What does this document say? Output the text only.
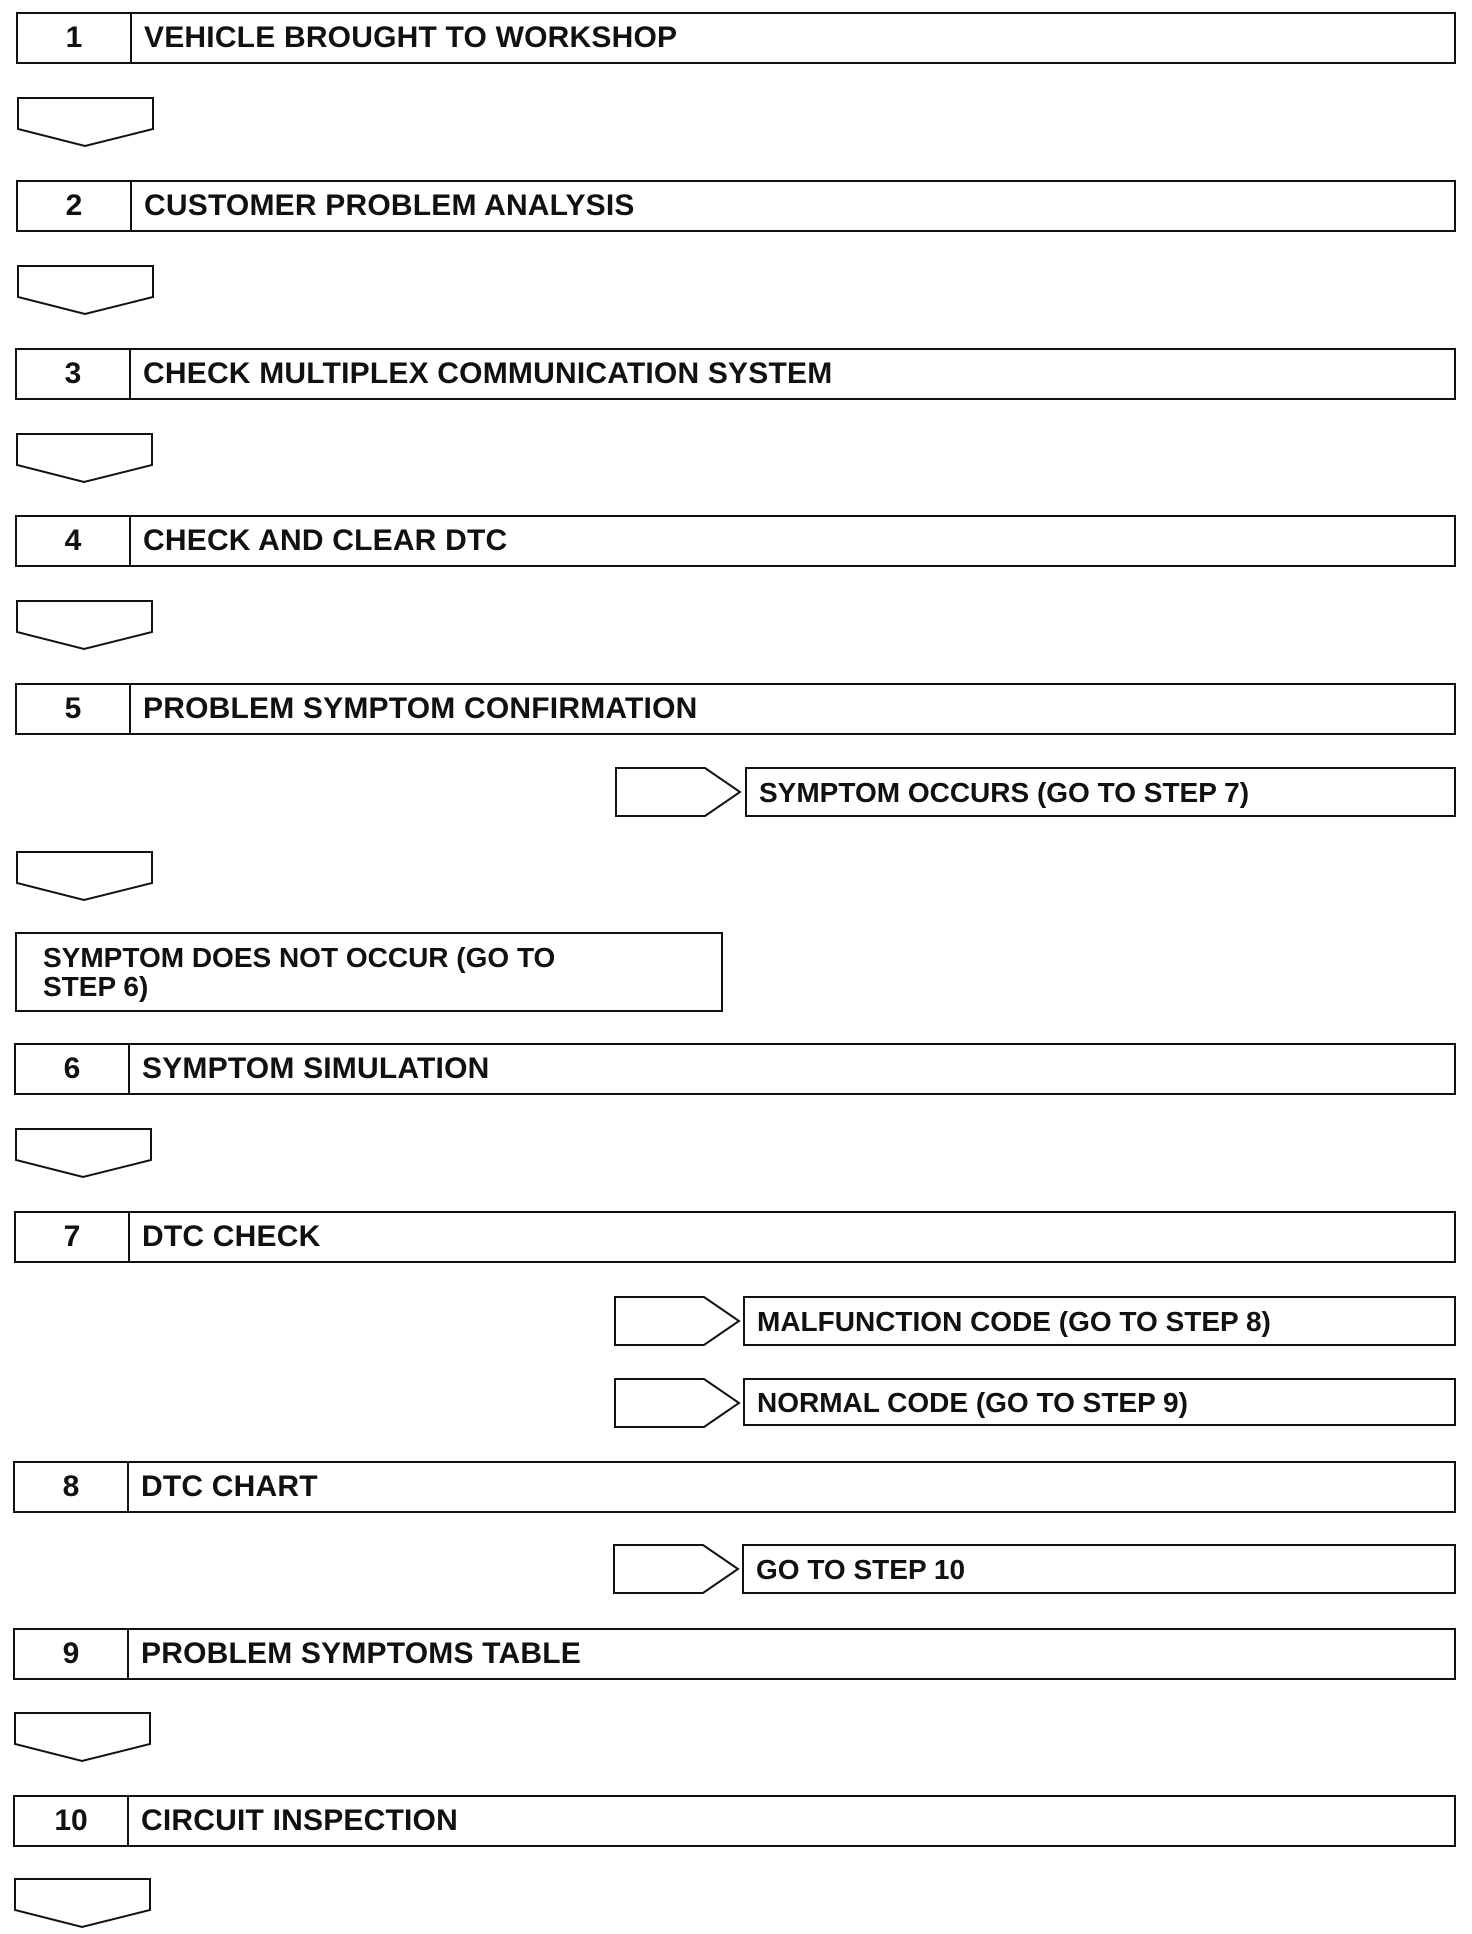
1	VEHICLE BROUGHT TO WORKSHOP
2	CUSTOMER PROBLEM ANALYSIS
3	CHECK MULTIPLEX COMMUNICATION SYSTEM
4	CHECK AND CLEAR DTC
5	PROBLEM SYMPTOM CONFIRMATION
SYMPTOM OCCURS (GO TO STEP 7)
SYMPTOM DOES NOT OCCUR (GO TO STEP 6)
6	SYMPTOM SIMULATION
7	DTC CHECK
MALFUNCTION CODE (GO TO STEP 8)
NORMAL CODE (GO TO STEP 9)
8	DTC CHART
GO TO STEP 10
9	PROBLEM SYMPTOMS TABLE
10	CIRCUIT INSPECTION
